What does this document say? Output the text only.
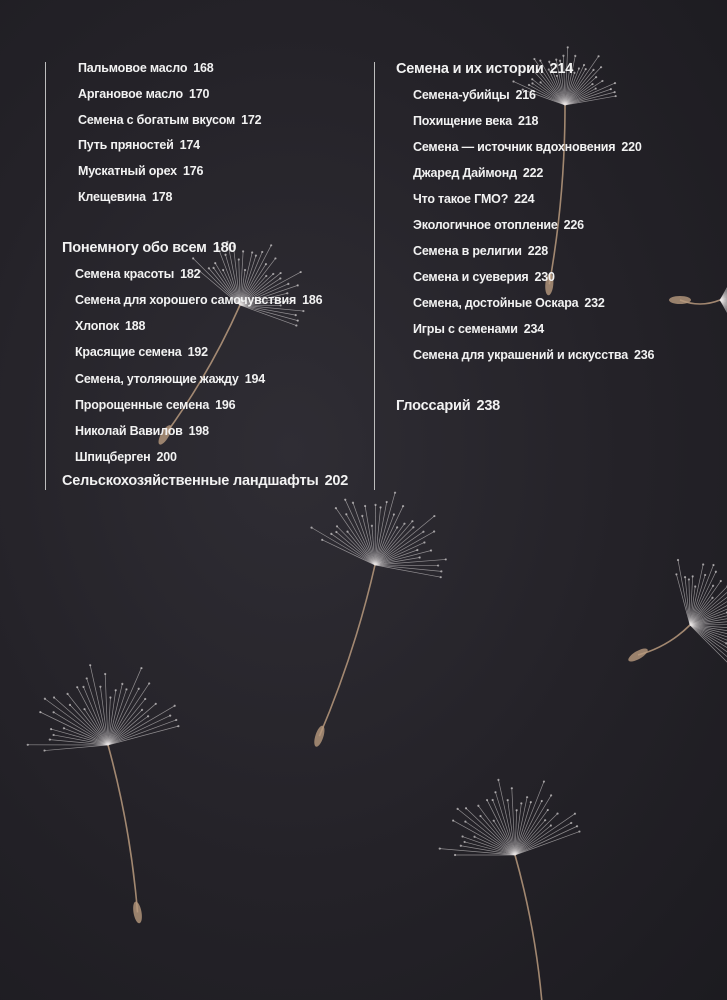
Пальмовое масло 168
Аргановое масло 170
Семена с богатым вкусом 172
Путь пряностей 174
Мускатный орех 176
Клещевина 178
Понемногу обо всем 180
Семена красоты 182
Семена для хорошего самочувствия 186
Хлопок 188
Красящие семена 192
Семена, утоляющие жажду 194
Пророщенные семена 196
Николай Вавилов 198
Шпицберген 200
Сельскохозяйственные ландшафты 202
Семена и их истории 214
Семена-убийцы 216
Похищение века 218
Семена — источник вдохновения 220
Джаред Даймонд 222
Что такое ГМО? 224
Экологичное отопление 226
Семена в религии 228
Семена и суеверия 230
Семена, достойные Оскара 232
Игры с семенами 234
Семена для украшений и искусства 236
Глоссарий 238
